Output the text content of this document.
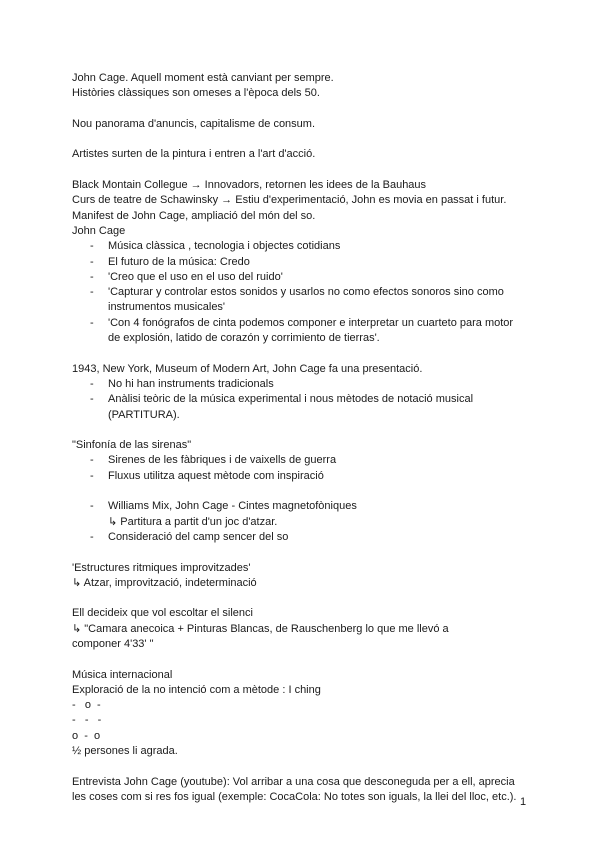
John Cage. Aquell moment està canviant per sempre.

Històries clàssiques son omeses a l'època dels 50.

Nou panorama d'anuncis, capitalisme de consum.

Artistes surten de la pintura i entren a l'art d'acció.

Black Montain Collegue → Innovadors, retornen les idees de la Bauhaus

Curs de teatre de Schawinsky → Estiu d'experimentació, John es movia en passat i futur.

Manifest de John Cage, ampliació del món del so.

John Cage

- Música clàssica , tecnologia i objectes cotidians

- El futuro de la música: Credo

- 'Creo que el uso en el uso del ruido'

- 'Capturar y controlar estos sonidos y usarlos no como efectos sonoros sino como
instrumentos musicales'

- 'Con 4 fonógrafos de cinta podemos componer e interpretar un cuarteto para motor
de explosión, latido de corazón y corrimiento de tierras'.

1943, New York, Museum of Modern Art, John Cage fa una presentació.

- No hi han instruments tradicionals

- Anàlisi teòric de la música experimental i nous mètodes de notació musical
(PARTITURA).

"Sinfonía de las sirenas"

- Sirenes de les fàbriques i de vaixells de guerra

- Fluxus utilitza aquest mètode com inspiració

- Williams Mix, John Cage - Cintes magnetofòniques

↳ Partitura a partit d'un joc d'atzar.

- Consideració del camp sencer del so

'Estructures ritmiques improvitzades'

↳ Atzar, improvització, indeterminació

Ell decideix que vol escoltar el silenci

↳ "Camara anecoica + Pinturas Blancas, de Rauschenberg lo que me llevó a

componer 4'33' "

Música internacional

Exploració de la no intenció com a mètode : I ching

-   o  -

-   -   -

o  -  o

½ persones li agrada.

Entrevista John Cage (youtube): Vol arribar a una cosa que desconeguda per a ell, aprecia

les coses com si res fos igual (exemple: CocaCola: No totes son iguals, la llei del lloc, etc.). 1
